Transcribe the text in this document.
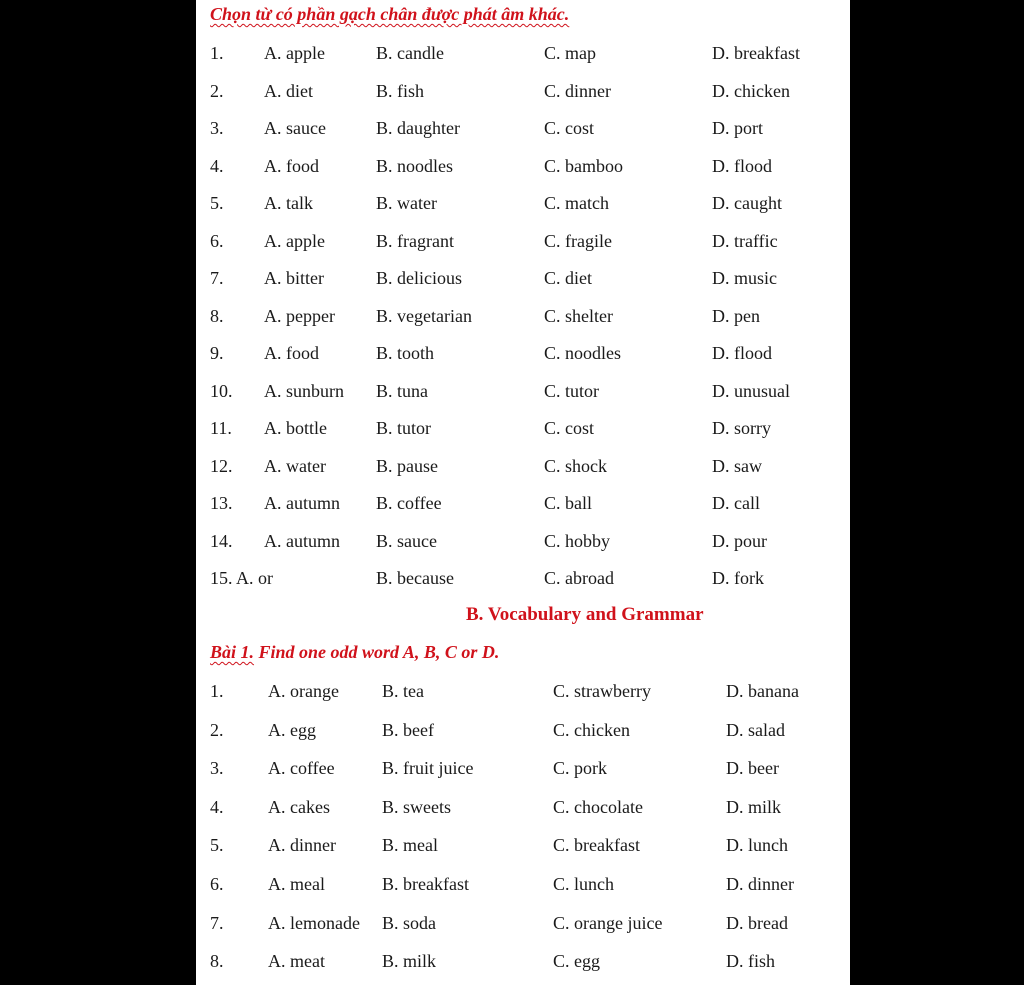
Chọn từ có phần gạch chân được phát âm khác.
1. A. apple	B. candle	C. map	D. breakfast
2. A. diet	B. fish	C. dinner	D. chicken
3. A. sauce	B. daughter	C. cost	D. port
4. A. food	B. noodles	C. bamboo	D. flood
5. A. talk	B. water	C. match	D. caught
6. A. apple	B. fragrant	C. fragile	D. traffic
7. A. bitter	B. delicious	C. diet	D. music
8. A. pepper B. vegetarian	C. shelter	D. pen
9. A. food	B. tooth	C. noodles	D. flood
10. A. sunburn B. tuna	C. tutor	D. unusual
11. A. bottle	B. tutor	C. cost	D. sorry
12. A. water	B. pause	C. shock	D. saw
13. A. autumn B. coffee	C. ball	D. call
14. A. autumn B. sauce	C. hobby	D. pour
15. A. or	B. because	C. abroad	D. fork
B. Vocabulary and Grammar
Bài 1. Find one odd word A, B, C or D.
1. A. orange B. tea	C. strawberry	D. banana
2. A. egg	B. beef	C. chicken	D. salad
3. A. coffee	B. fruit juice	C. pork	D. beer
4. A. cakes	B. sweets	C. chocolate	D. milk
5. A. dinner	B. meal	C. breakfast	D. lunch
6. A. meal	B. breakfast	C. lunch	D. dinner
7. A. lemonade B. soda	C. orange juice	D. bread
8. A. meat	B. milk	C. egg	D. fish
